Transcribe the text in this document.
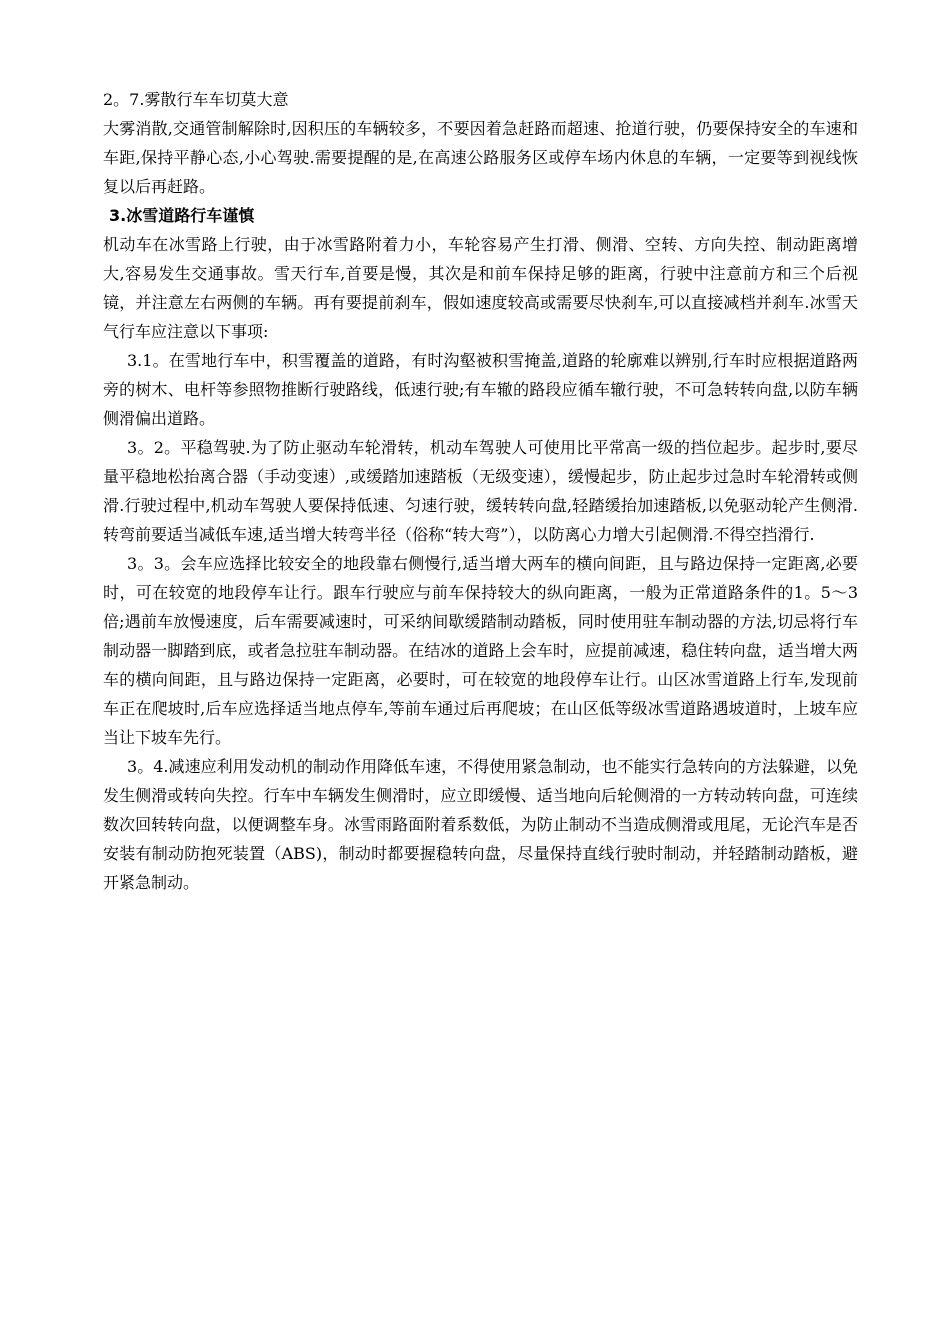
2。7.雾散行车车切莫大意

大雾消散,交通管制解除时,因积压的车辆较多，不要因着急赶路而超速、抢道行驶，仍要保持安全的车速和车距,保持平静心态,小心驾驶.需要提醒的是,在高速公路服务区或停车场内休息的车辆，一定要等到视线恢复以后再赶路。

3.冰雪道路行车谨慎

机动车在冰雪路上行驶，由于冰雪路附着力小，车轮容易产生打滑、侧滑、空转、方向失控、制动距离增大,容易发生交通事故。雪天行车,首要是慢，其次是和前车保持足够的距离，行驶中注意前方和三个后视镜，并注意左右两侧的车辆。再有要提前刹车，假如速度较高或需要尽快刹车,可以直接减档并刹车.冰雪天气行车应注意以下事项:

3.1。在雪地行车中，积雪覆盖的道路，有时沟壑被积雪掩盖,道路的轮廓难以辨别,行车时应根据道路两旁的树木、电杆等参照物推断行驶路线，低速行驶;有车辙的路段应循车辙行驶，不可急转转向盘,以防车辆侧滑偏出道路。

3。2。平稳驾驶.为了防止驱动车轮滑转，机动车驾驶人可使用比平常高一级的挡位起步。起步时,要尽量平稳地松抬离合器（手动变速）,或缓踏加速踏板（无级变速），缓慢起步，防止起步过急时车轮滑转或侧滑.行驶过程中,机动车驾驶人要保持低速、匀速行驶，缓转转向盘,轻踏缓抬加速踏板,以免驱动轮产生侧滑.转弯前要适当减低车速,适当增大转弯半径（俗称“转大弯”），以防离心力增大引起侧滑.不得空挡滑行.

3。3。会车应选择比较安全的地段靠右侧慢行,适当增大两车的横向间距，且与路边保持一定距离,必要时，可在较宽的地段停车让行。跟车行驶应与前车保持较大的纵向距离，一般为正常道路条件的1。5～3倍;遇前车放慢速度，后车需要减速时，可采纳间歇缓踏制动踏板，同时使用驻车制动器的方法,切忌将行车制动器一脚踏到底，或者急拉驻车制动器。在结冰的道路上会车时，应提前减速，稳住转向盘，适当增大两车的横向间距，且与路边保持一定距离，必要时，可在较宽的地段停车让行。山区冰雪道路上行车,发现前车正在爬坡时,后车应选择适当地点停车,等前车通过后再爬坡；在山区低等级冰雪道路遇坡道时，上坡车应当让下坡车先行。

3。4.减速应利用发动机的制动作用降低车速，不得使用紧急制动，也不能实行急转向的方法躲避，以免发生侧滑或转向失控。行车中车辆发生侧滑时，应立即缓慢、适当地向后轮侧滑的一方转动转向盘，可连续数次回转转向盘，以便调整车身。冰雪雨路面附着系数低，为防止制动不当造成侧滑或甩尾，无论汽车是否安装有制动防抱死装置（ABS)，制动时都要握稳转向盘，尽量保持直线行驶时制动，并轻踏制动踏板，避开紧急制动。
